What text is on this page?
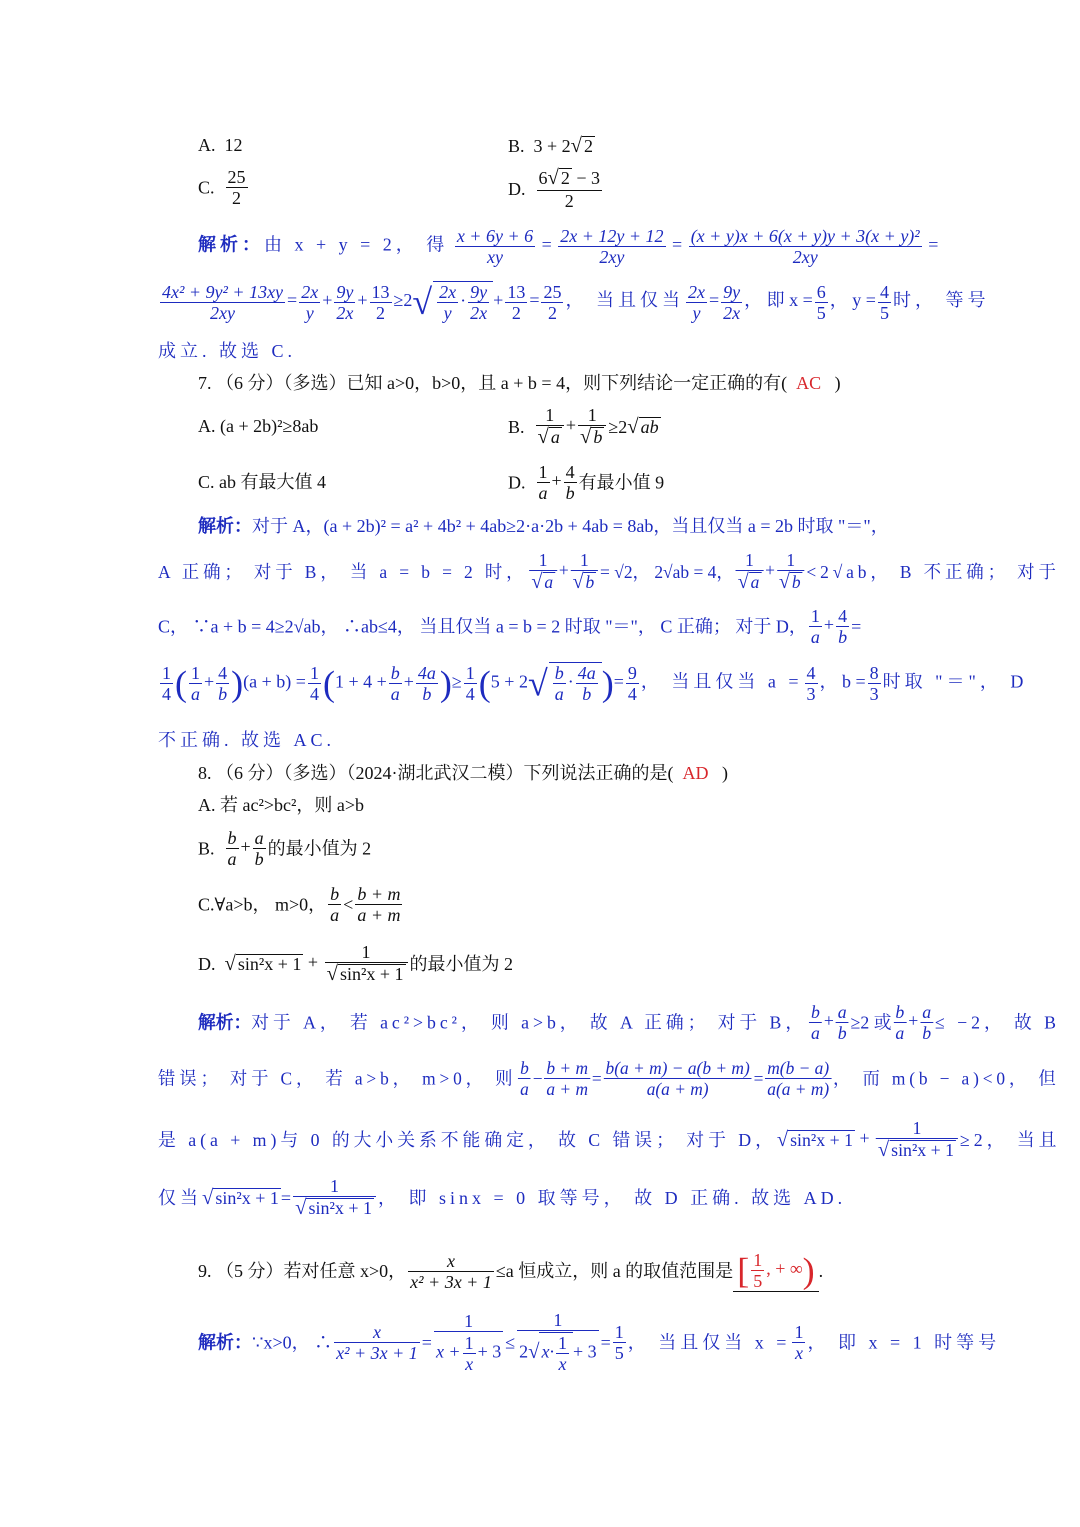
A. 12	B. 3 + 2√ 2
C. $\frac{25}{2}$	D. $\frac{6√ 2 - 3}{2}$
解析：由 x + y = 2， 得 $\frac{x + 6y + 6}{xy} = \frac{2x + 12y + 12}{2xy} = \frac{\text{(x + y)x + 6(x + y)y + 3(x + y)²}}{2xy}$ =
$\frac{\text{4x² + 9y² + 13xy}}{2xy} = \frac{2x}{y} + \frac{9y}{2x} + \frac{13}{2} \ge 2√ \frac{2x}{y} \cdot \frac{9y}{2x} + \frac{13}{2} = \frac{25}{2}$ ， 当且仅当 $\frac{2x}{y} = \frac{9y}{2x}$ ， 即 $x = \frac{6}{5}$ ， $y = \frac{4}{5}$ 时， 等号
成立. 故选 C.
7. （6 分）（多选）已知 a>0，b>0，且 a + b = 4，则下列结论一定正确的有( AC )
A. (a + 2b)²≥8ab	B. $\frac{1}{√ a} + \frac{1}{√ b} \ge 2√$ ab
C. ab 有最大值 4	D. $\frac{1}{a} + \frac{4}{b}$ 有最小值 9
解析：对于 A，(a + 2b)² = a² + 4b² + 4ab≥2·a·2b + 4ab = 8ab，当且仅当 a = 2b 时取 "＝"，
A 正确； 对于 B， 当 a = b = 2 时， $\frac{1}{√ a} + \frac{1}{√ b} = √2$， 2√ab = 4， $\frac{1}{√ a} + \frac{1}{√ b} <2√ab$， B 不正确； 对于
C， ∵a + b = 4≥2√ab， ∴ab≤4， 当且仅当 a = b = 2 时取 "＝"， C 正确； 对于 D， $\frac{1}{a} + \frac{4}{b}$ =
$\frac{1}{4}$ ( $\frac{1}{a} + \frac{4}{b} )(a + b) = \frac{1}{4} (1 + 4 + \frac{b}{a} + \frac{4a}{b}$ )≥ $\frac{1}{4} (5 + 2√ \frac{b}{a} \cdot \frac{4a}{b}$ )= $\frac{9}{4}$ ， 当且仅当 $a = \frac{4}{3}$ ， $b = \frac{8}{3}$ 时取 "＝"， D
不正确. 故选 AC.
8. （6 分）（多选）（2024·湖北武汉二模）下列说法正确的是( AD )
A. 若 ac²>bc²，则 a>b
B. $\frac{b}{a} + \frac{a}{b}$ 的最小值为 2
C.∀a>b， m>0， $\frac{b}{a} < \frac{b + m}{a + m}$
D. √ $\sin^2x + 1 + \frac{1}{\text{√ sin²x + 1}}$ 的最小值为 2
解析：对于 A， 若 ac²>bc²， 则 a>b， 故 A 正确； 对于 B， $\frac{b}{a} + \frac{a}{b} \ge 2$ 或 $\frac{b}{a} + \frac{a}{b} \le -2$， 故 B
错误； 对于 C， 若 a>b， m>0， 则 $\frac{b}{a} - \frac{b + m}{a + m} = \frac{b(a + m) - a(b + m)}{a(a + m)} = \frac{m(b - a)}{a(a + m)}$ ， 而 m(b − a)<0， 但
是 a(a + m)与 0 的大小关系不能确定， 故 C 错误； 对于 D，√ $\sin^2x + 1 + \frac{1}{\text{√ sin²x + 1}} \ge 2$， 当且
仅当√ $\sin^2x + 1 = \frac{1}{\text{√ sin²x + 1}}$ ， 即 sinx = 0 取等号， 故 D 正确. 故选 AD.
9. （5 分）若对任意 x>0， $\frac{x}{\text{x² + 3x + 1}} \le a$ 恒成立，则 a 的取值范围是 [ $\frac{1}{5}$ , + ∞) .
解析：∵x>0， ∴ $\frac{x}{\text{x² + 3x + 1}} = \frac{1}{x + \frac{1}{x} + 3} \le \frac{1}{2√ x\cdot \frac{1}{x} + 3} = \frac{1}{5}$ ， 当且仅当 $x = \frac{1}{x}$ ， 即 x = 1 时等号
